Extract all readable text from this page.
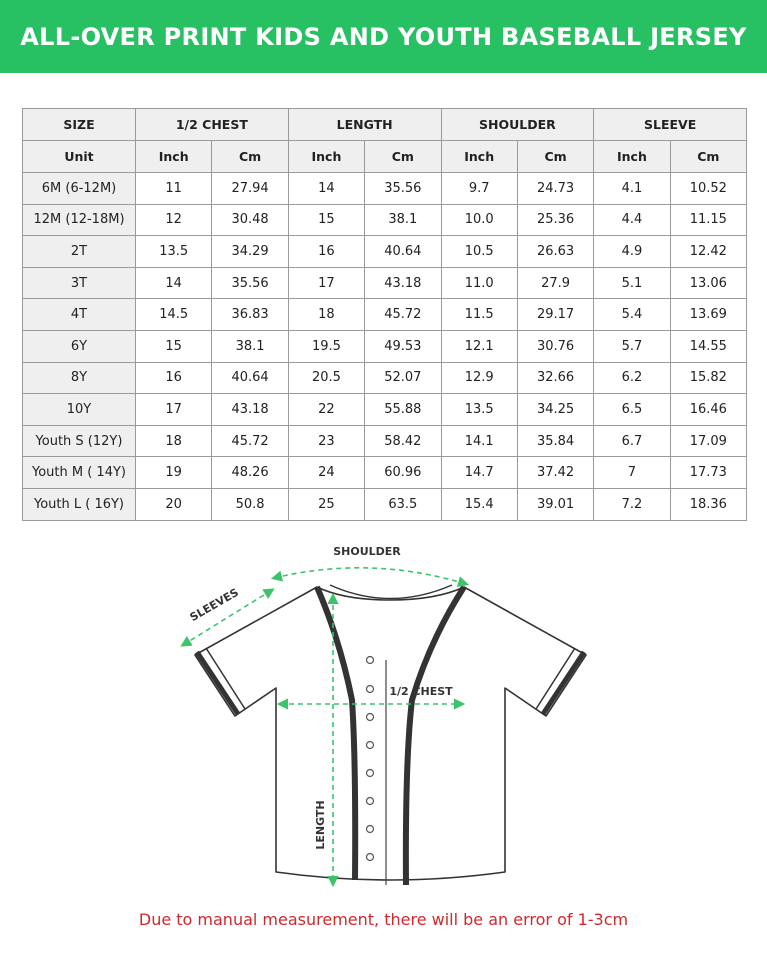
ALL-OVER PRINT KIDS AND YOUTH BASEBALL JERSEY
SIZE	1/2 CHEST		LENGTH		SHOULDER		SLEEVE	
Unit	Inch	Cm	Inch	Cm	Inch	Cm	Inch	Cm
6M (6-12M)	11	27.94	14	35.56	9.7	24.73	4.1	10.52
12M (12-18M)	12	30.48	15	38.1	10.0	25.36	4.4	11.15
2T	13.5	34.29	16	40.64	10.5	26.63	4.9	12.42
3T	14	35.56	17	43.18	11.0	27.9	5.1	13.06
4T	14.5	36.83	18	45.72	11.5	29.17	5.4	13.69
6Y	15	38.1	19.5	49.53	12.1	30.76	5.7	14.55
8Y	16	40.64	20.5	52.07	12.9	32.66	6.2	15.82
10Y	17	43.18	22	55.88	13.5	34.25	6.5	16.46
Youth S (12Y)	18	45.72	23	58.42	14.1	35.84	6.7	17.09
Youth M ( 14Y)	19	48.26	24	60.96	14.7	37.42	7	17.73
Youth L ( 16Y)	20	50.8	25	63.5	15.4	39.01	7.2	18.36
SHOULDER
SLEEVES
1/2 CHEST
LENGTH
Due to manual measurement, there will be an error of 1-3cm
